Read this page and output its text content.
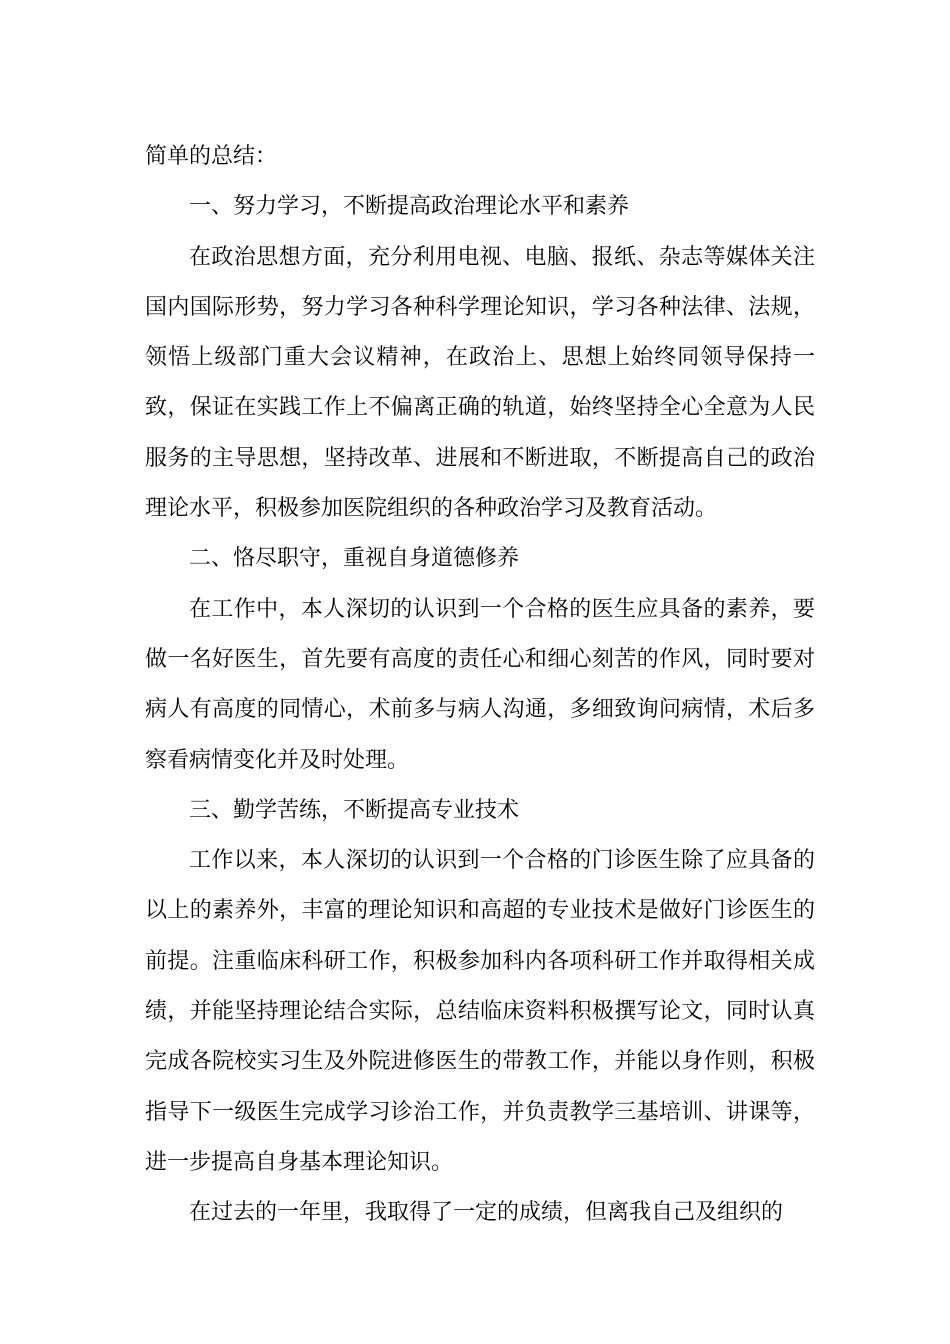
简单的总结：

一、努力学习，不断提高政治理论水平和素养

在政治思想方面，充分利用电视、电脑、报纸、杂志等媒体关注国内国际形势，努力学习各种科学理论知识，学习各种法律、法规，领悟上级部门重大会议精神，在政治上、思想上始终同领导保持一致，保证在实践工作上不偏离正确的轨道，始终坚持全心全意为人民服务的主导思想，坚持改革、进展和不断进取，不断提高自己的政治理论水平，积极参加医院组织的各种政治学习及教育活动。

二、恪尽职守，重视自身道德修养

在工作中，本人深切的认识到一个合格的医生应具备的素养，要做一名好医生，首先要有高度的责任心和细心刻苦的作风，同时要对病人有高度的同情心，术前多与病人沟通，多细致询问病情，术后多察看病情变化并及时处理。

三、勤学苦练，不断提高专业技术

工作以来，本人深切的认识到一个合格的门诊医生除了应具备的以上的素养外，丰富的理论知识和高超的专业技术是做好门诊医生的前提。注重临床科研工作，积极参加科内各项科研工作并取得相关成绩，并能坚持理论结合实际，总结临床资料积极撰写论文，同时认真完成各院校实习生及外院进修医生的带教工作，并能以身作则，积极指导下一级医生完成学习诊治工作，并负责教学三基培训、讲课等，进一步提高自身基本理论知识。

在过去的一年里，我取得了一定的成绩，但离我自己及组织的
